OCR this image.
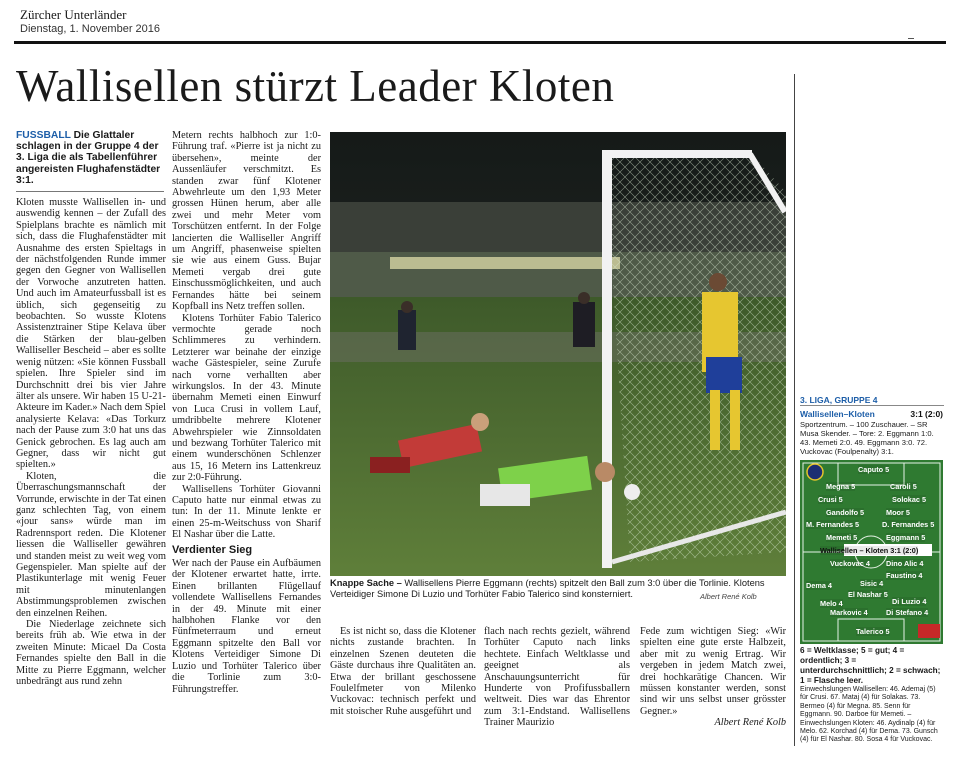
Zürcher Unterländer
Dienstag, 1. November 2016
Wallisellen stürzt Leader Kloten
FUSSBALL Die Glattaler schlagen in der Gruppe 4 der 3. Liga die als Tabellenführer angereisten Flughafenstädter 3:1.

Kloten musste Wallisellen in- und auswendig kennen – der Zufall des Spielplans brachte es nämlich mit sich, dass die Flughafenstädter mit Ausnahme des ersten Spieltags in der nächstfolgenden Runde immer gegen den Gegner von Wallisellen der Vorwoche anzutreten hatten. Und auch im Amateurfussball ist es üblich, sich gegenseitig zu beobachten. So wusste Klotens Assistenztrainer Stipe Kelava über die Stärken der blau-gelben Walliseller Bescheid – aber es sollte wenig nützen: «Sie können Fussball spielen. Ihre Spieler sind im Durchschnitt drei bis vier Jahre älter als unsere. Wir haben 15 U-21-Akteure im Kader.» Nach dem Spiel analysierte Kelava: «Das Torkurz nach der Pause zum 3:0 hat uns das Genick gebrochen. Es lag auch am Gegner, dass wir nicht gut spielten.»

Kloten, die Überraschungsmannschaft der Vorrunde, erwischte in der Tat einen ganz schlechten Tag, von einem «jour sans» würde man im Radrennsport reden. Die Klotener liessen die Walliseller gewähren und standen meist zu weit weg vom Gegenspieler. Man spielte auf der Plastikunterlage mit wenig Feuer mit minutenlangen Abstimmungsproblemen zwischen den einzelnen Reihen.

Die Niederlage zeichnete sich bereits früh ab. Wie etwa in der zweiten Minute: Micael Da Costa Fernandes spielte den Ball in die Mitte zu Pierre Eggmann, welcher unbedrängt aus rund zehn

Metern rechts halbhoch zur 1:0-Führung traf. «Pierre ist ja nicht zu übersehen», meinte der Aussenläufer verschmitzt. Es standen zwar fünf Klotener Abwehrleute um den 1,93 Meter grossen Hünen herum, aber alle zwei und mehr Meter vom Torschützen entfernt. In der Folge lancierten die Walliseller Angriff um Angriff, phasenweise spielten sie wie aus einem Guss. Bujar Memeti vergab drei gute Einschussmöglichkeiten, und auch Fernandes hätte bei seinem Kopfball ins Netz treffen sollen.

Klotens Torhüter Fabio Talerico vermochte gerade noch Schlimmeres zu verhindern. Letzterer war beinahe der einzige wache Gästespieler, seine Zurufe nach vorne verhallten aber wirkungslos. In der 43. Minute übernahm Memeti einen Einwurf von Luca Crusi in vollem Lauf, umdribbelte mehrere Klotener Abwehrspieler wie Zinnsoldaten und bezwang Torhüter Talerico mit einem wunderschönen Schlenzer aus 15, 16 Metern ins Lattenkreuz zur 2:0-Führung.

Wallisellens Torhüter Giovanni Caputo hatte nur einmal etwas zu tun: In der 11. Minute lenkte er einen 25-m-Weitschuss von Sharif El Nashar über die Latte.

Verdienter Sieg

Wer nach der Pause ein Aufbäumen der Klotener erwartet hatte, irrte. Einen brillanten Flügellauf vollendete Wallisellens Fernandes in der 49. Minute mit einer halbhohen Flanke vor den Fünfmeterraum und erneut Eggmann spitzelte den Ball vor Klotens Verteidiger Simone Di Luzio und Torhüter Talerico über die Torlinie zum 3:0-Führungstreffer.

Knappe Sache – Wallisellens Pierre Eggmann (rechts) spitzelt den Ball zum 3:0 über die Torlinie. Klotens Verteidiger Simone Di Luzio und Torhüter Fabio Talerico sind konsterniert.	Albert René Kolb

Es ist nicht so, dass die Klotener nichts zustande brachten. In einzelnen Szenen deuteten die Gäste durchaus ihre Qualitäten an. Etwa der brillant geschossene Foulelfmeter von Milenko Vuckovac: technisch perfekt und mit stoischer Ruhe ausgeführt und

flach nach rechts gezielt, während Torhüter Caputo nach links hechtete. Einfach Weltklasse und geeignet als Anschauungsunterricht für Hunderte von Profifussballern weltweit. Dies war das Ehrentor zum 3:1-Endstand. Wallisellens Trainer Maurizio

Fede zum wichtigen Sieg: «Wir spielten eine gute erste Halbzeit, aber mit zu wenig Ertrag. Wir vergeben in jedem Match zwei, drei hochkarätige Chancen. Wir müssen konstanter werden, sonst sind wir uns selbst unser grösster Gegner.»

Albert René Kolb
3. LIGA, GRUPPE 4
Wallisellen–Kloten	3:1 (2:0)
Sportzentrum. – 100 Zuschauer. – SR Musa Skender. – Tore: 2. Eggmann 1:0. 43. Memeti 2:0. 49. Eggmann 3:0. 72. Vuckovac (Foulpenalty) 3:1.
Caputo 5
Megna 5	Caroli 5
Crusi 5	Solokac 5
Gandolfo 5	Moor 5
M. Fernandes 5	D. Fernandes 5
Memeti 5	Eggmann 5
Wallisellen – Kloten 3:1 (2:0)
Vuckovac 4 Dino Alic 4
Faustino 4
Dema 4	Sisic 4
El Nashar 5
Melo 4	Di Luzio 4
Markovic 4	Di Stefano 4
Talerico 5
6 = Weltklasse; 5 = gut; 4 = ordentlich; 3 = unterdurchschnittlich; 2 = schwach; 1 = Flasche leer.
Einwechslungen Wallisellen: 46. Ademaj (5) für Crusi. 67. Mataj (4) für Solakas. 73. Bermeo (4) für Megna. 85. Senn für Eggmann. 90. Darboe für Memeti. – Einwechslungen Kloten: 46. Aydinalp (4) für Melo. 62. Korchad (4) für Dema. 73. Gunsch (4) für El Nashar. 80. Sosa 4 für Vuckovac.
